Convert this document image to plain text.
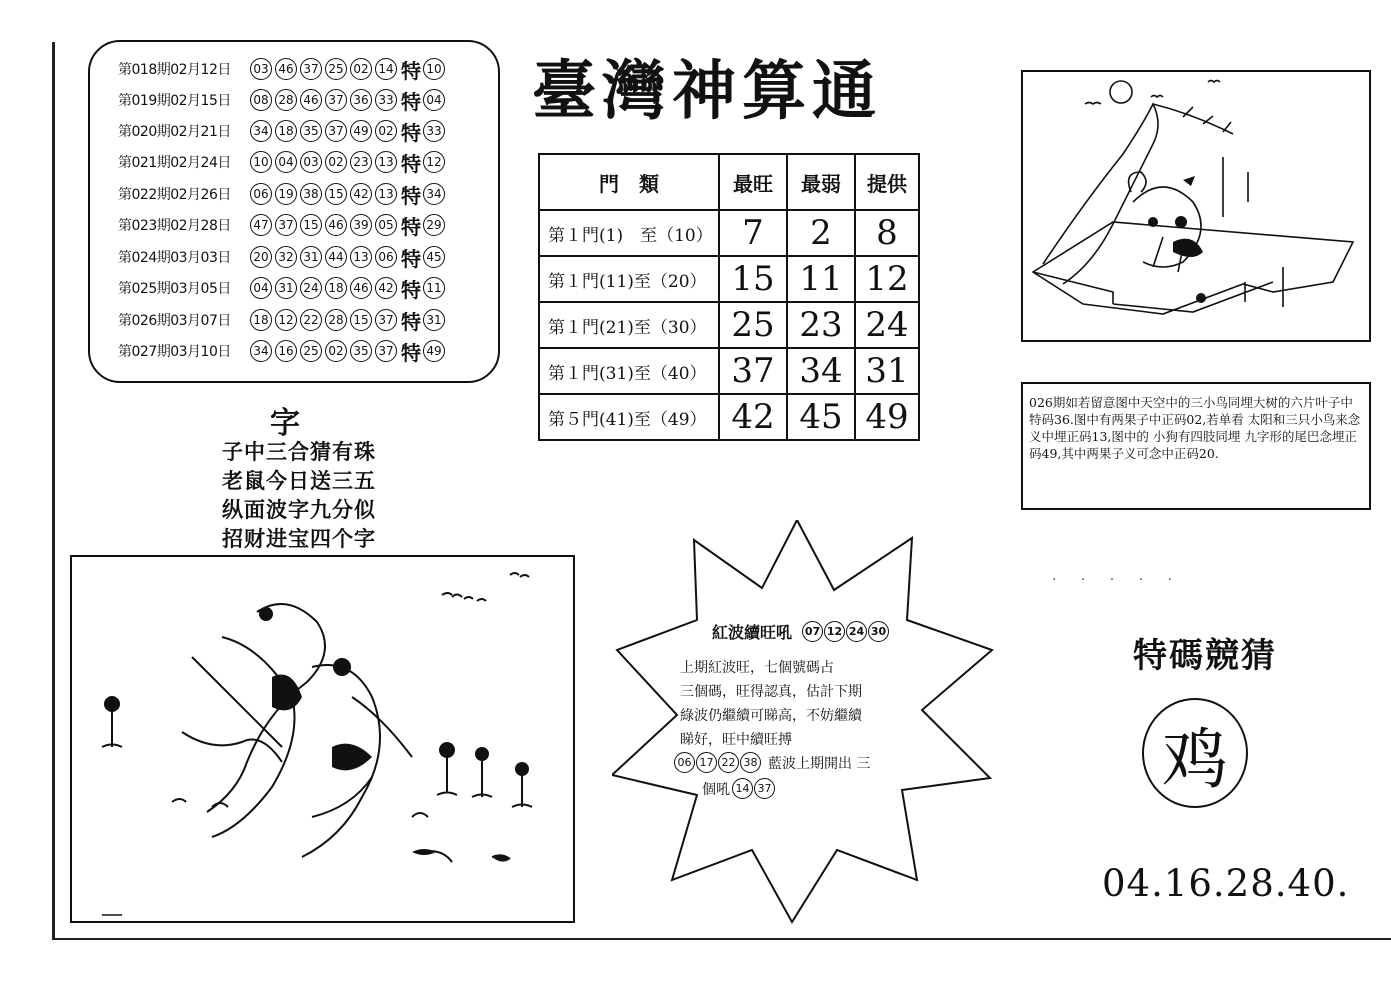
第018期02月12日	03 46 37 25 02 14 特 10
第019期02月15日	08 28 46 37 36 33 特 04
第020期02月21日	34 18 35 37 49 02 特 33
第021期02月24日	10 04 03 02 23 13 特 12
第022期02月26日	06 19 38 15 42 13 特 34
第023期02月28日	47 37 15 46 39 05 特 29
第024期03月03日	20 32 31 44 13 06 特 45
第025期03月05日	04 31 24 18 46 42 特 11
第026期03月07日	18 12 22 28 15 37 特 31
第027期03月10日	34 16 25 02 35 37 特 49
臺灣神算通
門　類	最旺	最弱	提供
第１門(1)　至（10）	7	2	8
第１門(11)至（20）	15	11	12
第１門(21)至（30）	25	23	24
第１門(31)至（40）	37	34	31
第５門(41)至（49）	42	45	49
字
子中三合猜有珠
老鼠今日送三五
纵面波字九分似
招财进宝四个字
026期如若留意图中天空中的三小鸟同埋大树的六片叶子中特码36.图中有两果子中正码02,若单看 太阳和三只小鸟来念义中埋正码13,图中的 小狗有四肢同埋 九字形的尾巴念埋正码49,其中两果子义可念中正码20.
紅波續旺吼 07 12 24 30
上期紅波旺，七個號碼占
三個碼，旺得認真，估計下期
綠波仍繼續可睇高，不妨繼續
睇好，旺中續旺搏
06 17 22 38 藍波上期開出 三
個吼 14 37
· · · · ·
特碼競猜
鸡
04.16.28.40.
